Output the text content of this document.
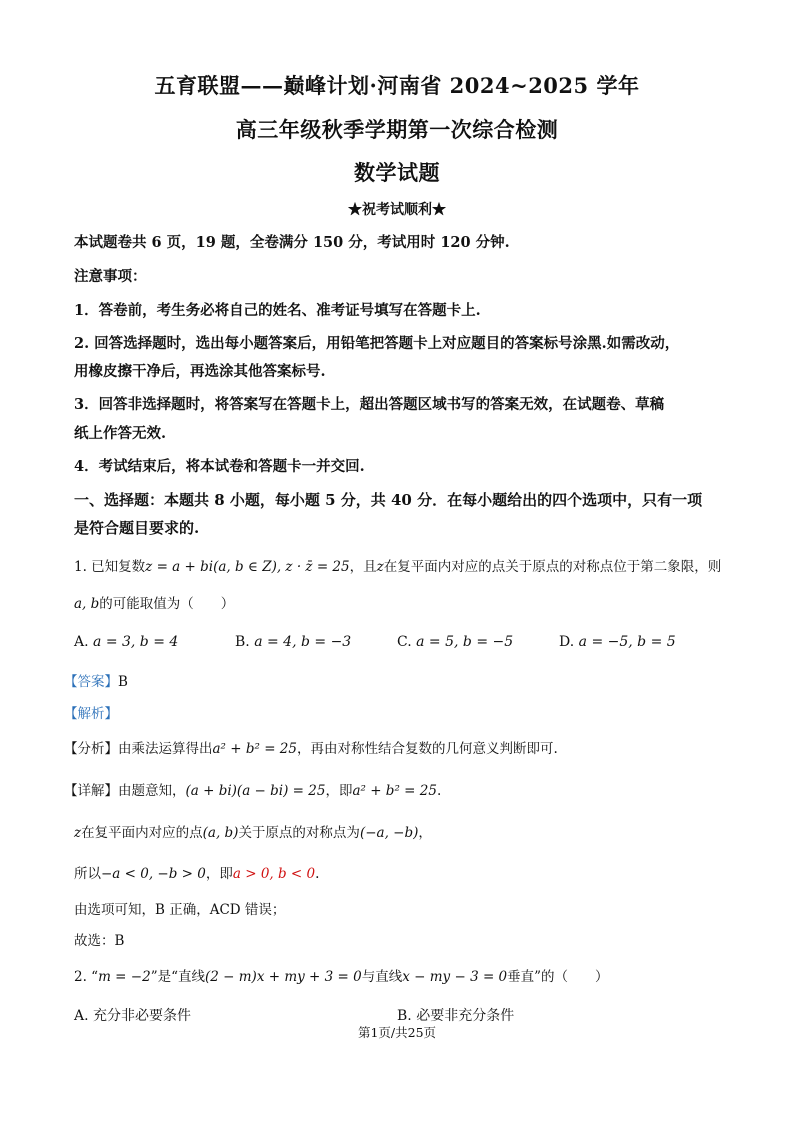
五育联盟——巅峰计划·河南省 2024~2025 学年
高三年级秋季学期第一次综合检测
数学试题
★祝考试顺利★
本试题卷共 6 页，19 题，全卷满分 150 分，考试用时 120 分钟.
注意事项：
1．答卷前，考生务必将自己的姓名、准考证号填写在答题卡上.
2. 回答选择题时，选出每小题答案后，用铅笔把答题卡上对应题目的答案标号涂黑.如需改动，
用橡皮擦干净后，再选涂其他答案标号.
3．回答非选择题时，将答案写在答题卡上，超出答题区域书写的答案无效，在试题卷、草稿
纸上作答无效.
4．考试结束后，将本试卷和答题卡一并交回.
一、选择题：本题共 8 小题，每小题 5 分，共 40 分．在每小题给出的四个选项中，只有一项
是符合题目要求的.
1. 已知复数z = a + bi(a, b ∈ Z), z · z̄ = 25，且z在复平面内对应的点关于原点的对称点位于第二象限，则
a, b的可能取值为（　　）
A. a = 3, b = 4	B. a = 4, b = −3	C. a = 5, b = −5	D. a = −5, b = 5
【答案】B
【解析】
【分析】由乘法运算得出a² + b² = 25，再由对称性结合复数的几何意义判断即可.
【详解】由题意知，(a + bi)(a − bi) = 25，即a² + b² = 25.
z在复平面内对应的点(a, b)关于原点的对称点为(−a, −b)，
所以−a < 0, −b > 0，即a > 0, b < 0.
由选项可知，B 正确，ACD 错误；
故选：B
2. “m = −2”是“直线(2 − m)x + my + 3 = 0与直线x − my − 3 = 0垂直”的（　　）
A. 充分非必要条件	B. 必要非充分条件
第1页/共25页
